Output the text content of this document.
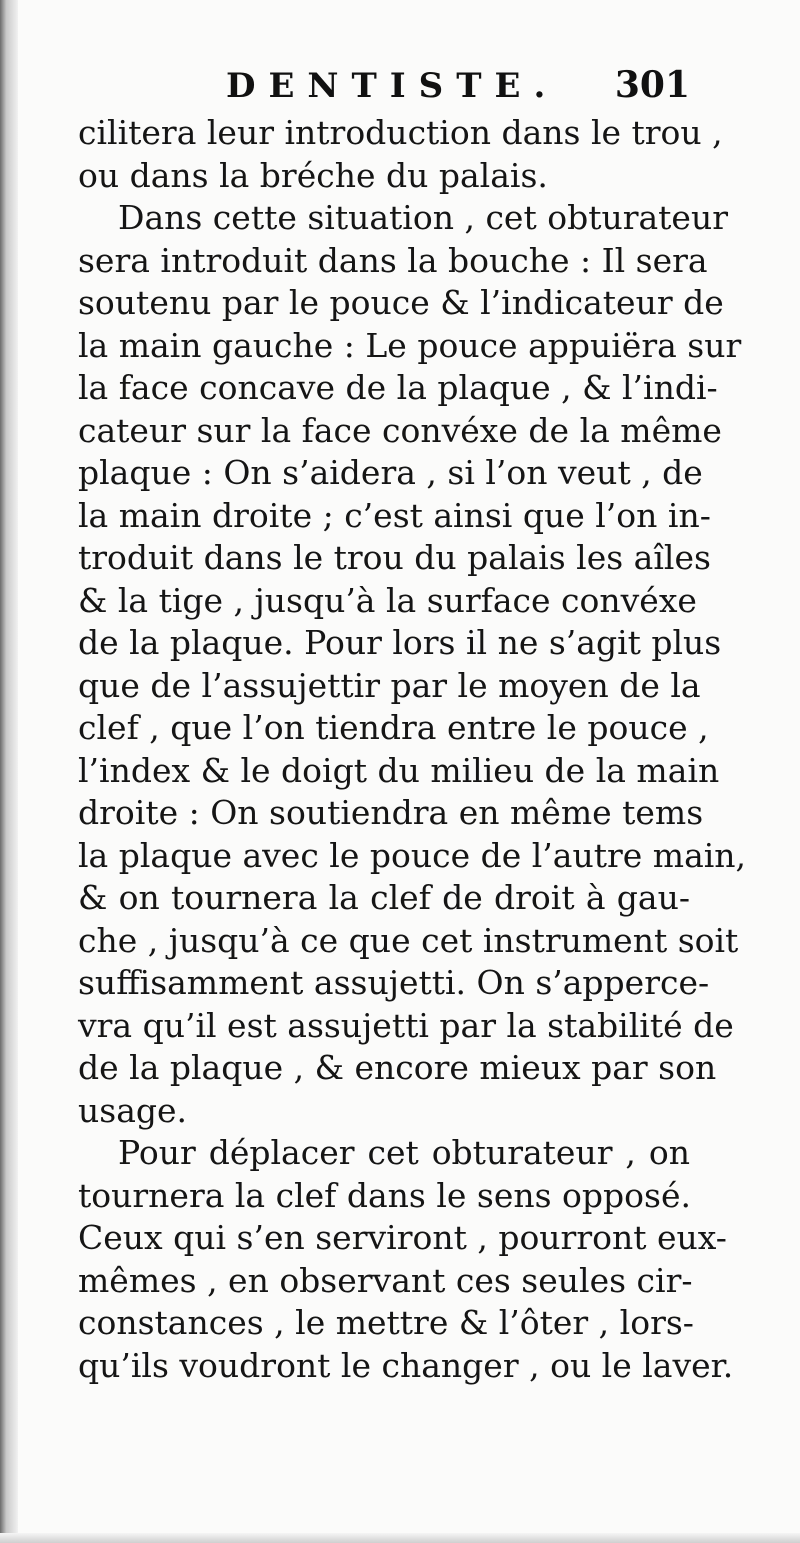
DENTISTE. 301
cilitera leur introduction dans le trou ,
ou dans la bréche du palais.
Dans cette situation , cet obturateur
sera introduit dans la bouche : Il sera
soutenu par le pouce & l’indicateur de
la main gauche : Le pouce appuiëra sur
la face concave de la plaque , & l’indi-
cateur sur la face convéxe de la même
plaque : On s’aidera , si l’on veut , de
la main droite ; c’est ainsi que l’on in-
troduit dans le trou du palais les aîles
& la tige , jusqu’à la surface convéxe
de la plaque. Pour lors il ne s’agit plus
que de l’assujettir par le moyen de la
clef , que l’on tiendra entre le pouce ,
l’index & le doigt du milieu de la main
droite : On soutiendra en même tems
la plaque avec le pouce de l’autre main,
& on tournera la clef de droit à gau-
che , jusqu’à ce que cet instrument soit
suffisamment assujetti. On s’apperce-
vra qu’il est assujetti par la stabilité de
de la plaque , & encore mieux par son
usage.
Pour déplacer cet obturateur , on
tournera la clef dans le sens opposé.
Ceux qui s’en serviront , pourront eux-
mêmes , en observant ces seules cir-
constances , le mettre & l’ôter , lors-
qu’ils voudront le changer , ou le laver.
